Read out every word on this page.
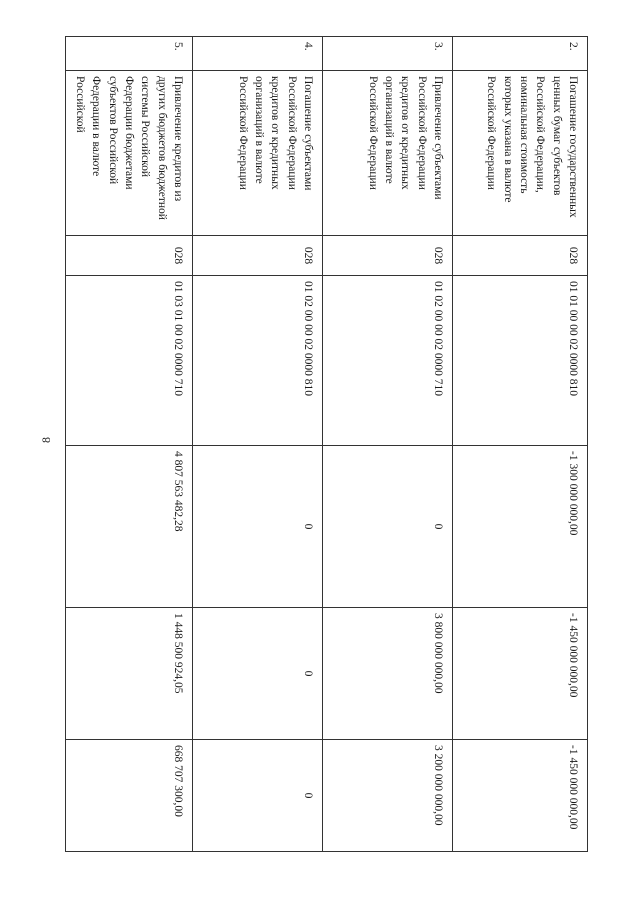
8
2.	Погашение государственных ценных бумаг субъектов Российской Федерации, номинальная стоимость которых указана в валюте Российской Федерации	028	01 01 00 00 02 0000 810	-1 300 000 000,00	-1 450 000 000,00	-1 450 000 000,00
3.	Привлечение субъектами Российской Федерации кредитов от кредитных организаций в валюте Российской Федерации	028	01 02 00 00 02 0000 710	0	3 800 000 000,00	3 200 000 000,00
4.	Погашение субъектами Российской Федерации кредитов от кредитных организаций в валюте Российской Федерации	028	01 02 00 00 02 0000 810	0	0	0
5.	Привлечение кредитов из других бюджетов бюджетной системы Российской Федерации бюджетами субъектов Российской Федерации в валюте Российской	028	01 03 01 00 02 0000 710	4 807 563 482,28	1 448 500 924,05	668 707 300,00
